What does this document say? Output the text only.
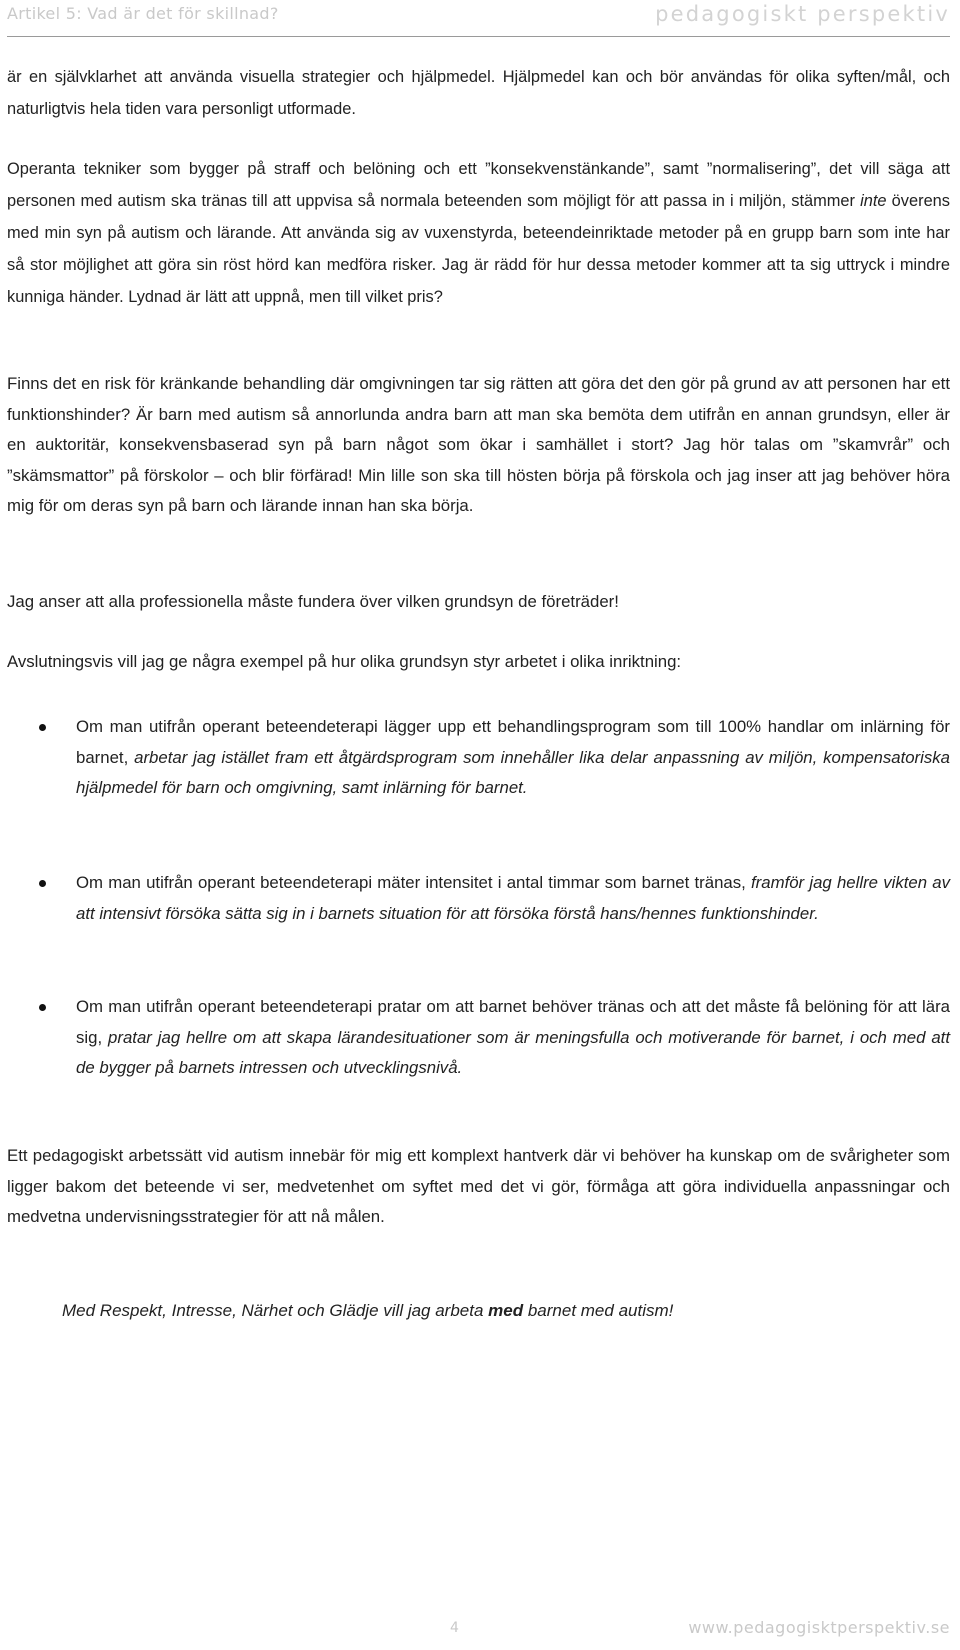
Artikel 5: Vad är det för skillnad?	pedagogiskt perspektiv

är en självklarhet att använda visuella strategier och hjälpmedel. Hjälpmedel kan och bör användas för olika syften/mål, och naturligtvis hela tiden vara personligt utformade.

Operanta tekniker som bygger på straff och belöning och ett ”konsekvenstänkande”, samt ”normalisering”, det vill säga att personen med autism ska tränas till att uppvisa så normala beteenden som möjligt för att passa in i miljön, stämmer inte överens med min syn på autism och lärande. Att använda sig av vuxenstyrda, beteendeinriktade metoder på en grupp barn som inte har så stor möjlighet att göra sin röst hörd kan medföra risker. Jag är rädd för hur dessa metoder kommer att ta sig uttryck i mindre kunniga händer. Lydnad är lätt att uppnå, men till vilket pris?

Finns det en risk för kränkande behandling där omgivningen tar sig rätten att göra det den gör på grund av att personen har ett funktionshinder? Är barn med autism så annorlunda andra barn att man ska bemöta dem utifrån en annan grundsyn, eller är en auktoritär, konsekvensbaserad syn på barn något som ökar i samhället i stort? Jag hör talas om ”skamvrår” och ”skämsmattor” på förskolor – och blir förfärad! Min lille son ska till hösten börja på förskola och jag inser att jag behöver höra mig för om deras syn på barn och lärande innan han ska börja.

Jag anser att alla professionella måste fundera över vilken grundsyn de företräder!

Avslutningsvis vill jag ge några exempel på hur olika grundsyn styr arbetet i olika inriktning:

Om man utifrån operant beteendeterapi lägger upp ett behandlingsprogram som till 100% handlar om inlärning för barnet, arbetar jag istället fram ett åtgärdsprogram som innehåller lika delar anpassning av miljön, kompensatoriska hjälpmedel för barn och omgivning, samt inlärning för barnet.
Om man utifrån operant beteendeterapi mäter intensitet i antal timmar som barnet tränas, framför jag hellre vikten av att intensivt försöka sätta sig in i barnets situation för att försöka förstå hans/hennes funktionshinder.
Om man utifrån operant beteendeterapi pratar om att barnet behöver tränas och att det måste få belöning för att lära sig, pratar jag hellre om att skapa lärandesituationer som är meningsfulla och motiverande för barnet, i och med att de bygger på barnets intressen och utvecklingsnivå.

Ett pedagogiskt arbetssätt vid autism innebär för mig ett komplext hantverk där vi behöver ha kunskap om de svårigheter som ligger bakom det beteende vi ser, medvetenhet om syftet med det vi gör, förmåga att göra individuella anpassningar och medvetna undervisningsstrategier för att nå målen.

Med Respekt, Intresse, Närhet och Glädje vill jag arbeta med barnet med autism!

4	www.pedagogisktperspektiv.se
